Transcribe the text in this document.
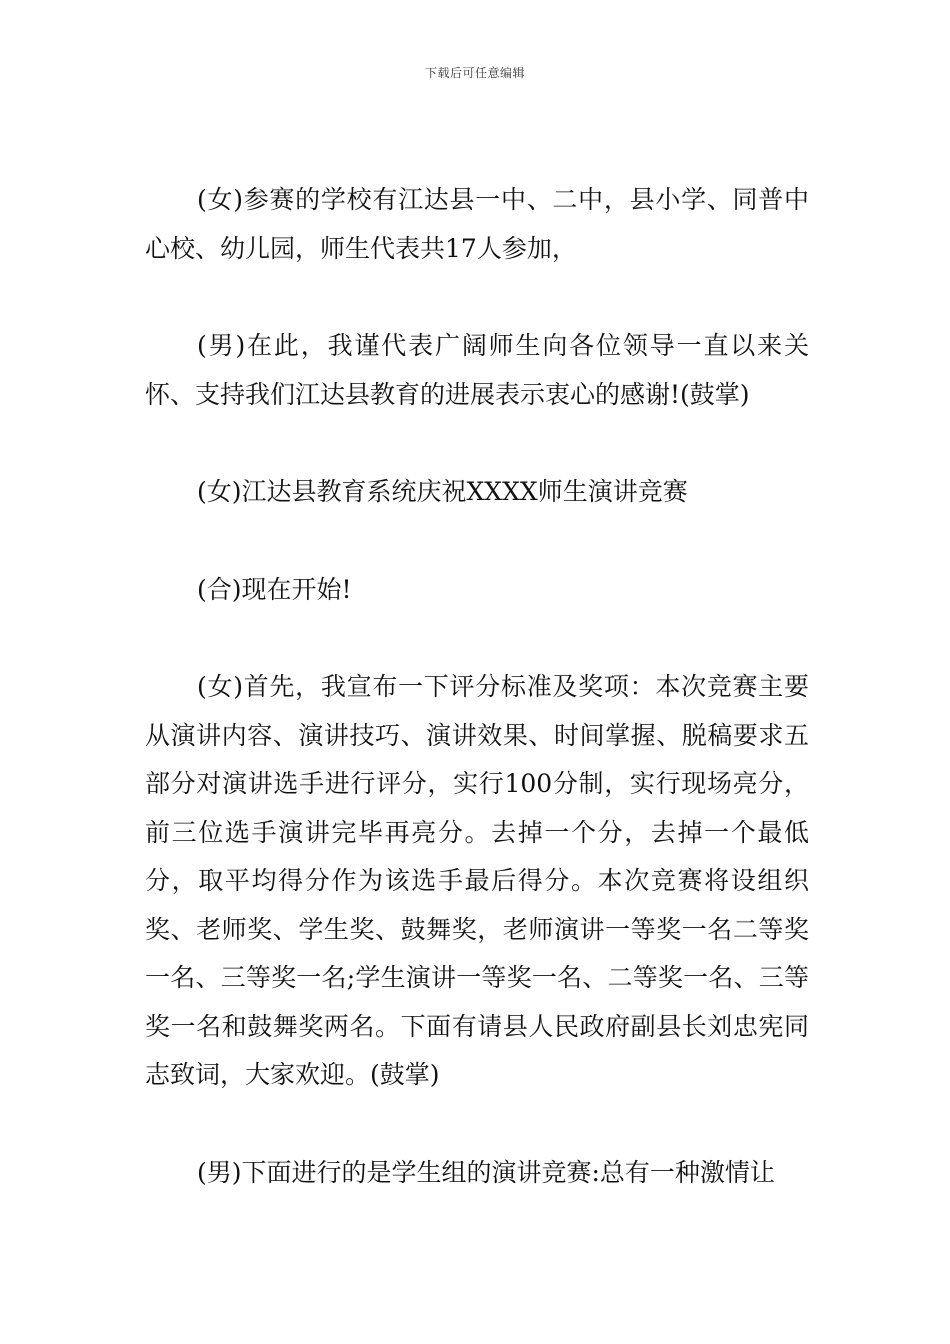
下载后可任意编辑

(女)参赛的学校有江达县一中、二中，县小学、同普中心校、幼儿园，师生代表共17人参加，

(男)在此，我谨代表广阔师生向各位领导一直以来关怀、支持我们江达县教育的进展表示衷心的感谢!(鼓掌)

(女)江达县教育系统庆祝XXXX师生演讲竞赛

(合)现在开始!

(女)首先，我宣布一下评分标准及奖项：本次竞赛主要从演讲内容、演讲技巧、演讲效果、时间掌握、脱稿要求五部分对演讲选手进行评分，实行100分制，实行现场亮分，前三位选手演讲完毕再亮分。去掉一个分，去掉一个最低分，取平均得分作为该选手最后得分。本次竞赛将设组织奖、老师奖、学生奖、鼓舞奖，老师演讲一等奖一名二等奖一名、三等奖一名;学生演讲一等奖一名、二等奖一名、三等奖一名和鼓舞奖两名。下面有请县人民政府副县长刘忠宪同志致词，大家欢迎。(鼓掌)

(男)下面进行的是学生组的演讲竞赛:总有一种激情让
